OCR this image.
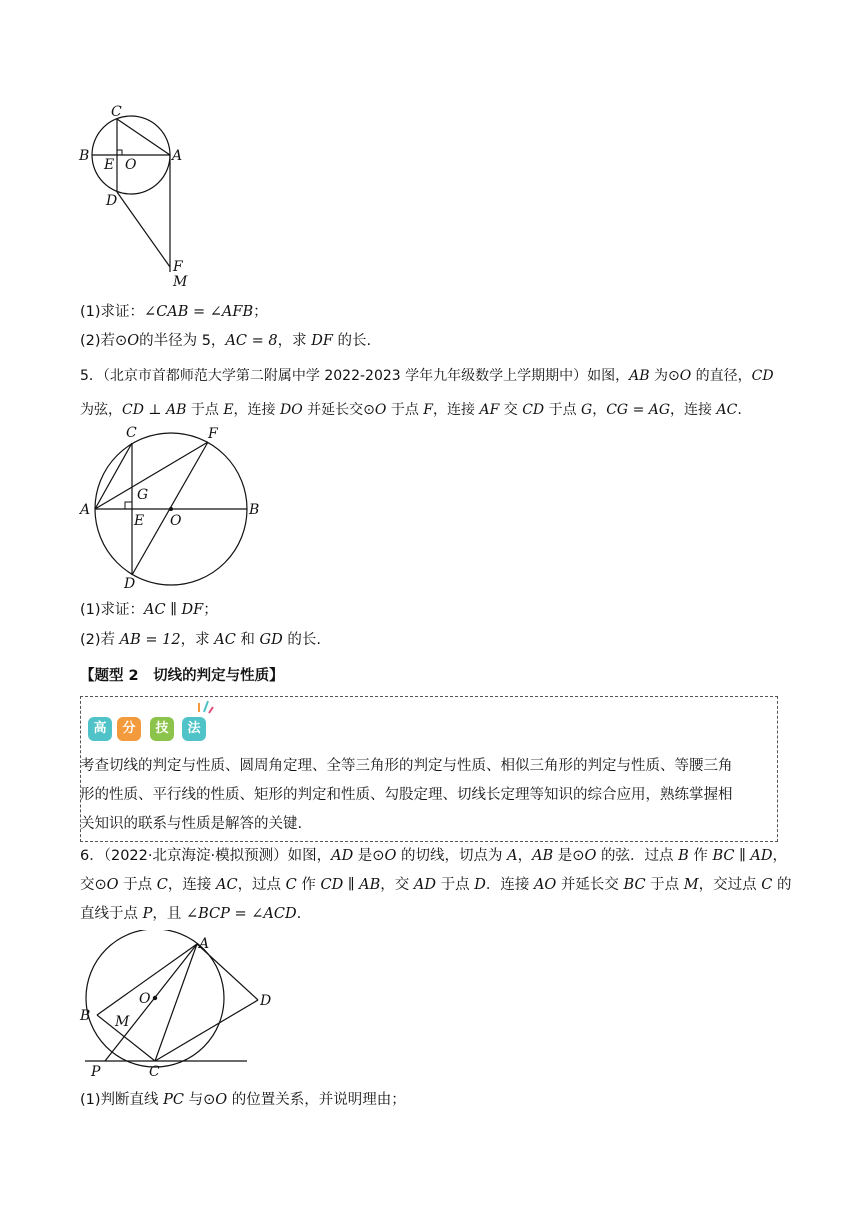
C
B
E O
A
D
F
M
(1)求证：∠CAB = ∠AFB；
(2)若⊙O的半径为 5，AC = 8，求 DF 的长.
5．（北京市首都师范大学第二附属中学 2022-2023 学年九年级数学上学期期中）如图，AB 为⊙O 的直径，CD
为弦，CD ⊥ AB 于点 E，连接 DO 并延长交⊙O 于点 F，连接 AF 交 CD 于点 G，CG = AG，连接 AC.
C	F
G
A
E O
B
D
(1)求证：AC ∥ DF；
(2)若 AB = 12，求 AC 和 GD 的长.
【题型 2　切线的判定与性质】
高	分	技	法
考查切线的判定与性质、圆周角定理、全等三角形的判定与性质、相似三角形的判定与性质、等腰三角
形的性质、平行线的性质、矩形的判定和性质、勾股定理、切线长定理等知识的综合应用，熟练掌握相
关知识的联系与性质是解答的关键.
6．（2022·北京海淀·模拟预测）如图，AD 是⊙O 的切线，切点为 A，AB 是⊙O 的弦．过点 B 作 BC ∥ AD，
交⊙O 于点 C，连接 AC，过点 C 作 CD ∥ AB，交 AD 于点 D．连接 AO 并延长交 BC 于点 M，交过点 C 的
直线于点 P，且 ∠BCP = ∠ACD.
A
O	D
B M
P	C
(1)判断直线 PC 与⊙O 的位置关系，并说明理由；
